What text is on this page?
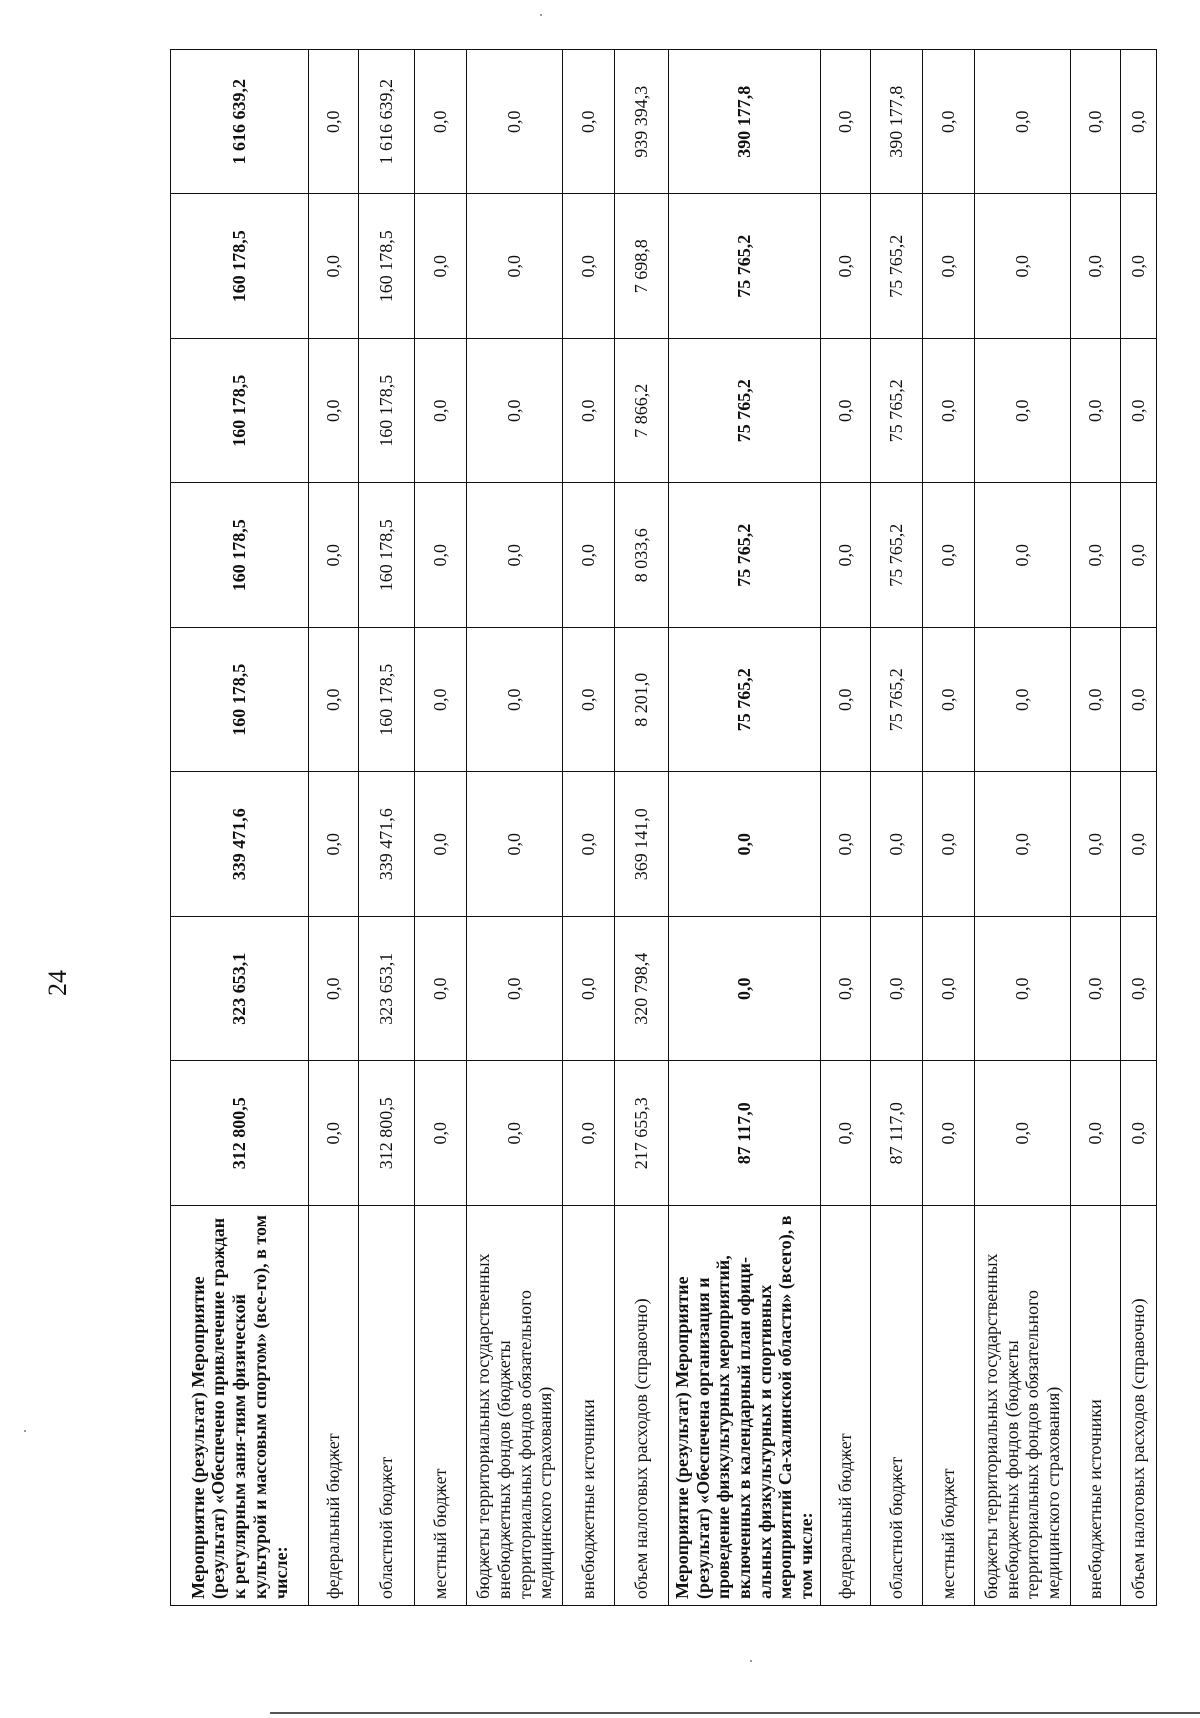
24
Мероприятие (результат) Мероприятие (результат) «Обеспечено привлечение граждан к регулярным заня-тиям физической культурой и массовым спортом» (все-го), в том числе:	312 800,5	323 653,1	339 471,6	160 178,5	160 178,5	160 178,5	160 178,5	1 616 639,2
федеральный бюджет	0,0	0,0	0,0	0,0	0,0	0,0	0,0	0,0
областной бюджет	312 800,5	323 653,1	339 471,6	160 178,5	160 178,5	160 178,5	160 178,5	1 616 639,2
местный бюджет	0,0	0,0	0,0	0,0	0,0	0,0	0,0	0,0
бюджеты территориальных государственных внебюджетных фондов (бюджеты территориальных фондов обязательного медицинского страхования)	0,0	0,0	0,0	0,0	0,0	0,0	0,0	0,0
внебюджетные источники	0,0	0,0	0,0	0,0	0,0	0,0	0,0	0,0
объем налоговых расходов (справочно)	217 655,3	320 798,4	369 141,0	8 201,0	8 033,6	7 866,2	7 698,8	939 394,3
Мероприятие (результат) Мероприятие (результат) «Обеспечена организация и проведение физкультурных мероприятий, включенных в календарный план офици-альных физкультурных и спортивных мероприятий Са-халинской области» (всего), в том числе:	87 117,0	0,0	0,0	75 765,2	75 765,2	75 765,2	75 765,2	390 177,8
федеральный бюджет	0,0	0,0	0,0	0,0	0,0	0,0	0,0	0,0
областной бюджет	87 117,0	0,0	0,0	75 765,2	75 765,2	75 765,2	75 765,2	390 177,8
местный бюджет	0,0	0,0	0,0	0,0	0,0	0,0	0,0	0,0
бюджеты территориальных государственных внебюджетных фондов (бюджеты территориальных фондов обязательного медицинского страхования)	0,0	0,0	0,0	0,0	0,0	0,0	0,0	0,0
внебюджетные источники	0,0	0,0	0,0	0,0	0,0	0,0	0,0	0,0
объем налоговых расходов (справочно)	0,0	0,0	0,0	0,0	0,0	0,0	0,0	0,0
